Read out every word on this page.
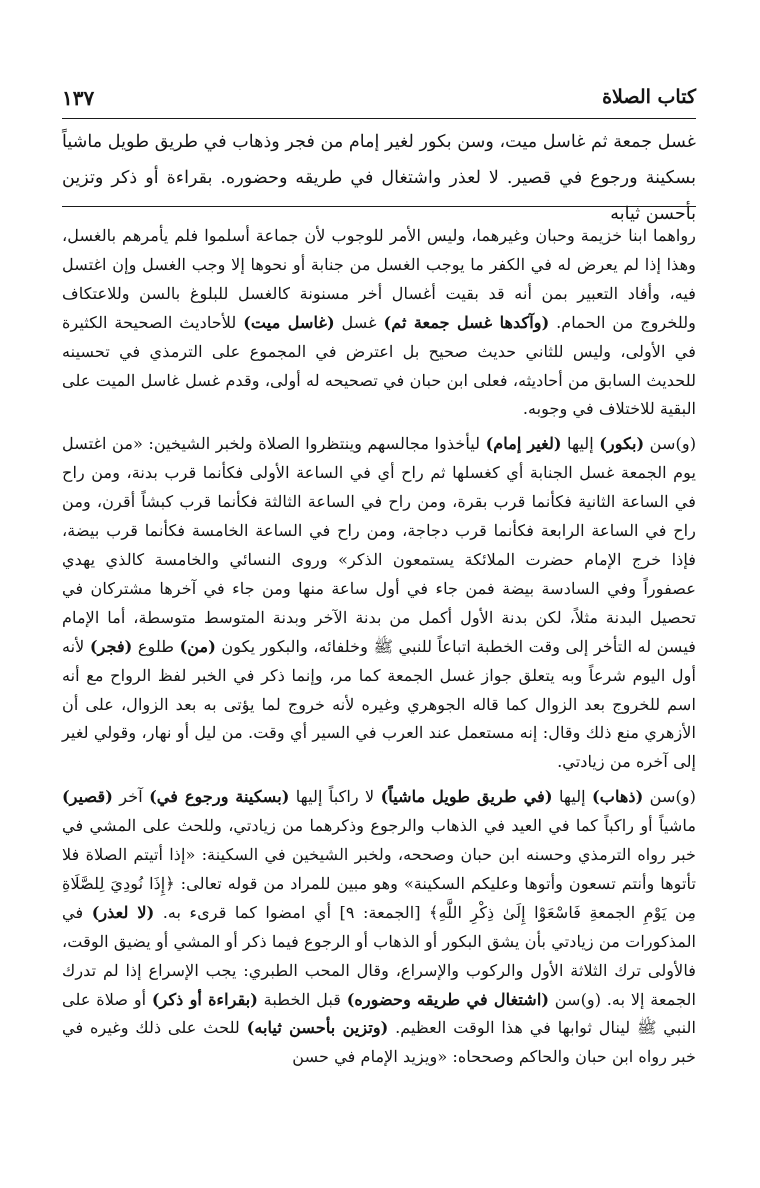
كتاب الصلاة
١٣٧
غسل جمعة ثم غاسل ميت، وسن بكور لغير إمام من فجر وذهاب في طريق طويل ماشياً بسكينة ورجوع في قصير. لا لعذر واشتغال في طريقه وحضوره. بقراءة أو ذكر وتزين بأحسن ثيابه

رواهما ابنا خزيمة وحبان وغيرهما، وليس الأمر للوجوب لأن جماعة أسلموا فلم يأمرهم بالغسل، وهذا إذا لم يعرض له في الكفر ما يوجب الغسل من جنابة أو نحوها إلا وجب الغسل وإن اغتسل فيه، وأفاد التعبير بمن أنه قد بقيت أغسال أخر مسنونة كالغسل للبلوغ بالسن وللاعتكاف وللخروج من الحمام. (وآكدها غسل جمعة ثم) غسل (غاسل ميت) للأحاديث الصحيحة الكثيرة في الأولى، وليس للثاني حديث صحيح بل اعترض في المجموع على الترمذي في تحسينه للحديث السابق من أحاديثه، فعلى ابن حبان في تصحيحه له أولى، وقدم غسل غاسل الميت على البقية للاختلاف في وجوبه.

(و)سن (بكور) إليها (لغير إمام) ليأخذوا مجالسهم وينتظروا الصلاة ولخبر الشيخين: «من اغتسل يوم الجمعة غسل الجنابة أي كغسلها ثم راح أي في الساعة الأولى فكأنما قرب بدنة، ومن راح في الساعة الثانية فكأنما قرب بقرة، ومن راح في الساعة الثالثة فكأنما قرب كبشاً أقرن، ومن راح في الساعة الرابعة فكأنما قرب دجاجة، ومن راح في الساعة الخامسة فكأنما قرب بيضة، فإذا خرج الإمام حضرت الملائكة يستمعون الذكر» وروى النسائي والخامسة كالذي يهدي عصفوراً وفي السادسة بيضة فمن جاء في أول ساعة منها ومن جاء في آخرها مشتركان في تحصيل البدنة مثلاً، لكن بدنة الأول أكمل من بدنة الآخر وبدنة المتوسط متوسطة، أما الإمام فيسن له التأخر إلى وقت الخطبة اتباعاً للنبي ﷺ وخلفائه، والبكور يكون (من) طلوع (فجر) لأنه أول اليوم شرعاً وبه يتعلق جواز غسل الجمعة كما مر، وإنما ذكر في الخبر لفظ الرواح مع أنه اسم للخروج بعد الزوال كما قاله الجوهري وغيره لأنه خروج لما يؤتى به بعد الزوال، على أن الأزهري منع ذلك وقال: إنه مستعمل عند العرب في السير أي وقت. من ليل أو نهار، وقولي لغير إلى آخره من زيادتي.

(و)سن (ذهاب) إليها (في طريق طويل ماشياً) لا راكباً إليها (بسكينة ورجوع في) آخر (قصير) ماشياً أو راكباً كما في العيد في الذهاب والرجوع وذكرهما من زيادتي، وللحث على المشي في خبر رواه الترمذي وحسنه ابن حبان وصححه، ولخبر الشيخين في السكينة: «إذا أتيتم الصلاة فلا تأتوها وأنتم تسعون وأتوها وعليكم السكينة» وهو مبين للمراد من قوله تعالى: ﴿إِذَا نُودِيَ لِلصَّلَاةِ مِن يَوْمِ الجمعةِ فَاسْعَوْا إِلَىٰ ذِكْرِ اللَّهِ﴾ [الجمعة: ٩] أي امضوا كما قرىء به. (لا لعذر) في المذكورات من زيادتي بأن يشق البكور أو الذهاب أو الرجوع فيما ذكر أو المشي أو يضيق الوقت، فالأولى ترك الثلاثة الأول والركوب والإسراع، وقال المحب الطبري: يجب الإسراع إذا لم تدرك الجمعة إلا به. (و)سن (اشتغال في طريقه وحضوره) قبل الخطبة (بقراءة أو ذكر) أو صلاة على النبي ﷺ لينال ثوابها في هذا الوقت العظيم. (وتزين بأحسن ثيابه) للحث على ذلك وغيره في خبر رواه ابن حبان والحاكم وصححاه: «ويزيد الإمام في حسن
